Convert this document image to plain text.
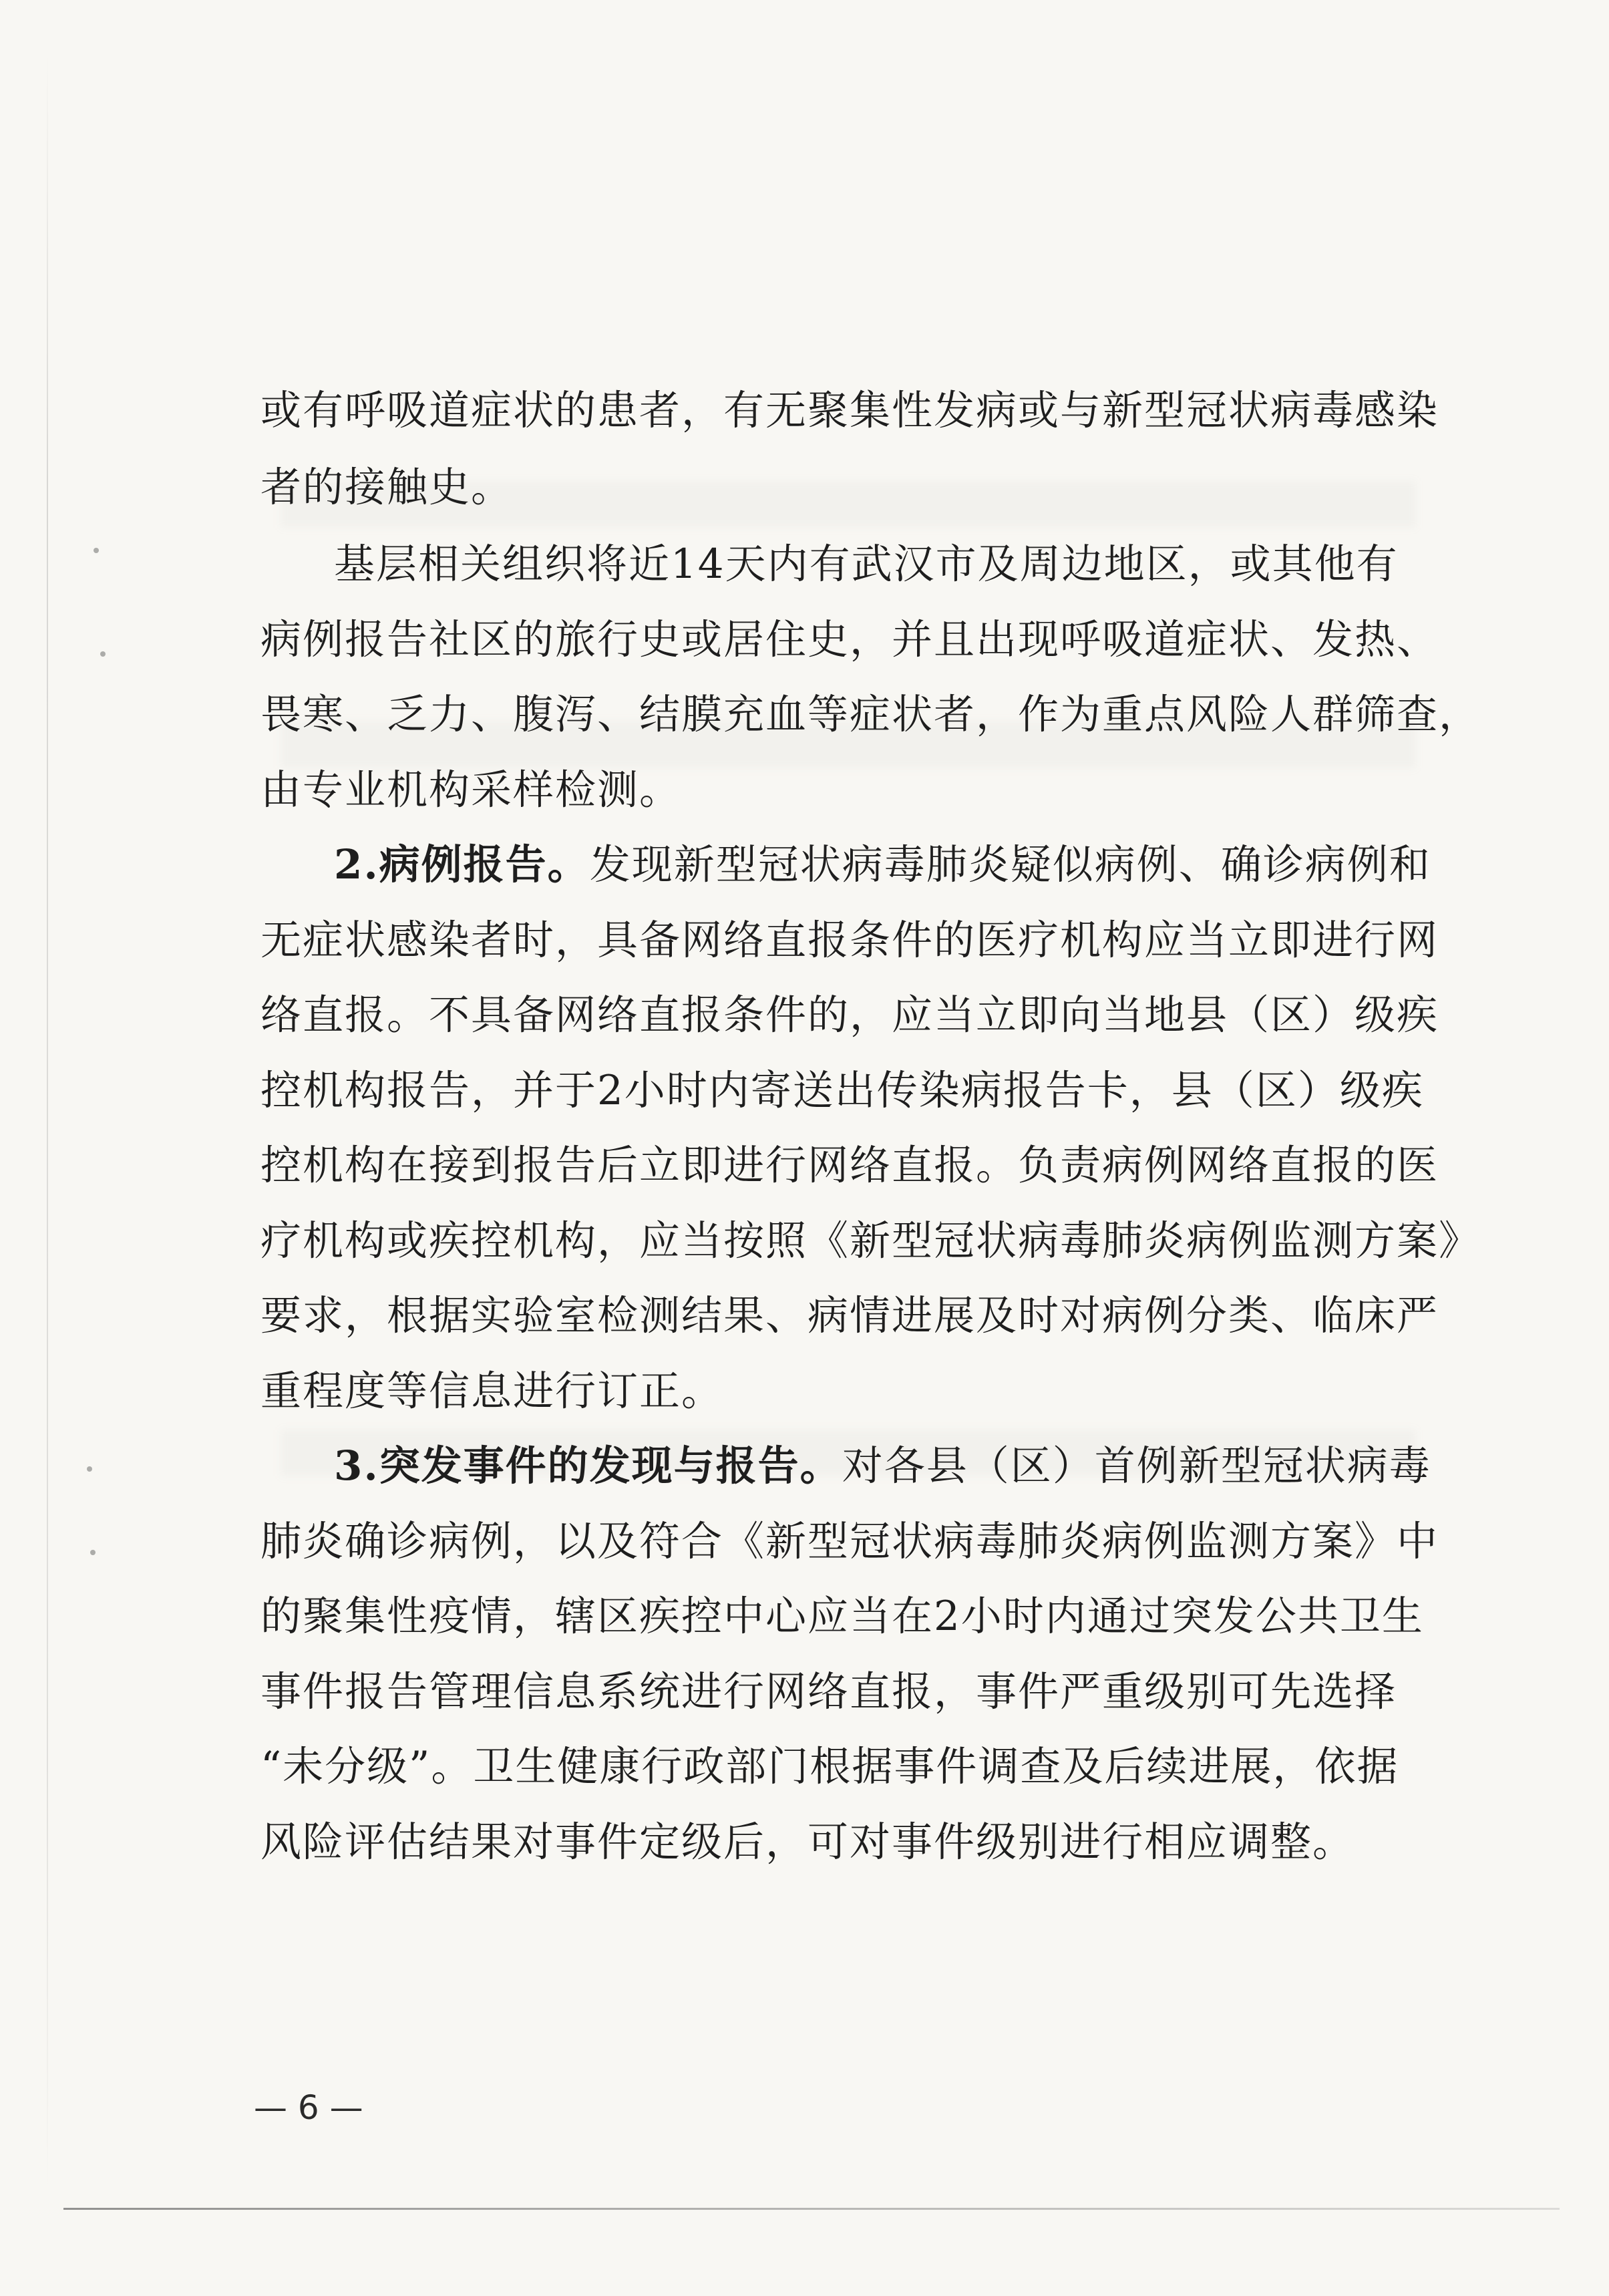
或有呼吸道症状的患者，有无聚集性发病或与新型冠状病毒感染
者的接触史。
基层相关组织将近14天内有武汉市及周边地区，或其他有
病例报告社区的旅行史或居住史，并且出现呼吸道症状、发热、
畏寒、乏力、腹泻、结膜充血等症状者，作为重点风险人群筛查，
由专业机构采样检测。
2.病例报告。发现新型冠状病毒肺炎疑似病例、确诊病例和
无症状感染者时，具备网络直报条件的医疗机构应当立即进行网
络直报。不具备网络直报条件的，应当立即向当地县（区）级疾
控机构报告，并于2小时内寄送出传染病报告卡，县（区）级疾
控机构在接到报告后立即进行网络直报。负责病例网络直报的医
疗机构或疾控机构，应当按照《新型冠状病毒肺炎病例监测方案》
要求，根据实验室检测结果、病情进展及时对病例分类、临床严
重程度等信息进行订正。
3.突发事件的发现与报告。对各县（区）首例新型冠状病毒
肺炎确诊病例，以及符合《新型冠状病毒肺炎病例监测方案》中
的聚集性疫情，辖区疾控中心应当在2小时内通过突发公共卫生
事件报告管理信息系统进行网络直报，事件严重级别可先选择
“未分级”。卫生健康行政部门根据事件调查及后续进展，依据
风险评估结果对事件定级后，可对事件级别进行相应调整。
— 6 —
